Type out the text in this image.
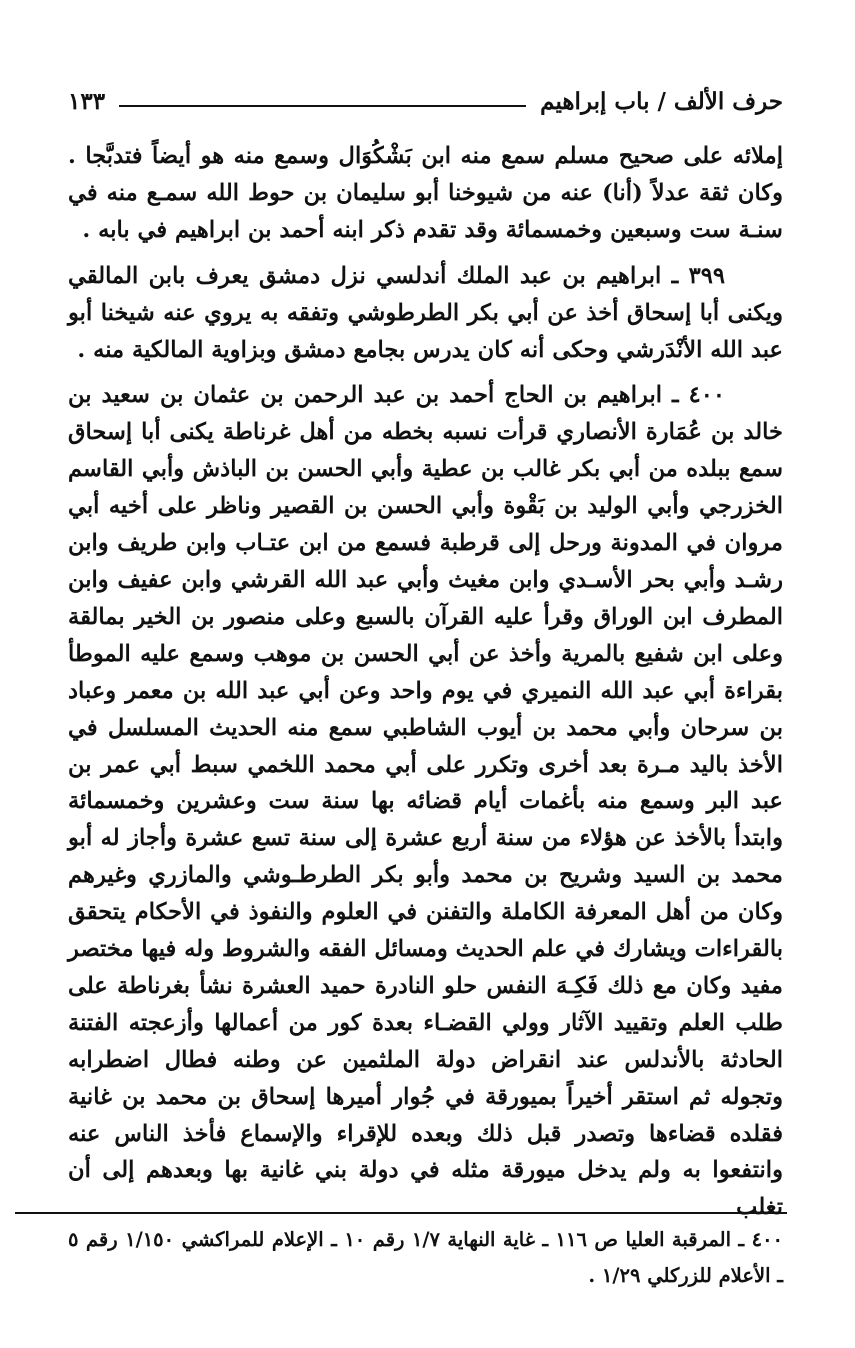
حرف الألف / باب إبراهيم
١٣٣

إملائه على صحيح مسلم سمع منه ابن بَشْكُوَال وسمع منه هو أيضاً فتدبَّجا . وكان ثقة عدلاً (أنا) عنه من شيوخنا أبو سليمان بن حوط الله سمـع منه في سنـة ست وسبعين وخمسمائة وقد تقدم ذكر ابنه أحمد بن ابراهيم في بابه .

٣٩٩ ـ ابراهيم بن عبد الملك أندلسي نزل دمشق يعرف بابن المالقي ويكنى أبا إسحاق أخذ عن أبي بكر الطرطوشي وتفقه به يروي عنه شيخنا أبو عبد الله الأنْدَرشي وحكى أنه كان يدرس بجامع دمشق وبزاوية المالكية منه .

٤٠٠ ـ ابراهيم بن الحاج أحمد بن عبد الرحمن بن عثمان بن سعيد بن خالد بن عُمَارة الأنصاري قرأت نسبه بخطه من أهل غرناطة يكنى أبا إسحاق سمع ببلده من أبي بكر غالب بن عطية وأبي الحسن بن الباذش وأبي القاسم الخزرجي وأبي الوليد بن بَقْوة وأبي الحسن بن القصير وناظر على أخيه أبي مروان في المدونة ورحل إلى قرطبة فسمع من ابن عتـاب وابن طريف وابن رشـد وأبي بحر الأسـدي وابن مغيث وأبي عبد الله القرشي وابن عفيف وابن المطرف ابن الوراق وقرأ عليه القرآن بالسبع وعلى منصور بن الخير بمالقة وعلى ابن شفيع بالمرية وأخذ عن أبي الحسن بن موهب وسمع عليه الموطأ بقراءة أبي عبد الله النميري في يوم واحد وعن أبي عبد الله بن معمر وعباد بن سرحان وأبي محمد بن أيوب الشاطبي سمع منه الحديث المسلسل في الأخذ باليد مـرة بعد أخرى وتكرر على أبي محمد اللخمي سبط أبي عمر بن عبد البر وسمع منه بأغمات أيام قضائه بها سنة ست وعشرين وخمسمائة وابتدأ بالأخذ عن هؤلاء من سنة أربع عشرة إلى سنة تسع عشرة وأجاز له أبو محمد بن السيد وشريح بن محمد وأبو بكر الطرطـوشي والمازري وغيرهم وكان من أهل المعرفة الكاملة والتفنن في العلوم والنفوذ في الأحكام يتحقق بالقراءات ويشارك في علم الحديث ومسائل الفقه والشروط وله فيها مختصر مفيد وكان مع ذلك فَكِـهَ النفس حلو النادرة حميد العشرة نشأ بغرناطة على طلب العلم وتقييد الآثار وولي القضـاء بعدة كور من أعمالها وأزعجته الفتنة الحادثة بالأندلس عند انقراض دولة الملثمين عن وطنه فطال اضطرابه وتجوله ثم استقر أخيراً بميورقة في جُوار أميرها إسحاق بن محمد بن غانية فقلده قضاءها وتصدر قبل ذلك وبعده للإقراء والإسماع فأخذ الناس عنه وانتفعوا به ولم يدخل ميورقة مثله في دولة بني غانية بها وبعدهم إلى أن تغلب

٤٠٠ ـ المرقبة العليا ص ١١٦ ـ غاية النهاية ١/٧ رقم ١٠ ـ الإعلام للمراكشي ١/١٥٠ رقم ٥ ـ الأعلام للزركلي ١/٢٩ .
